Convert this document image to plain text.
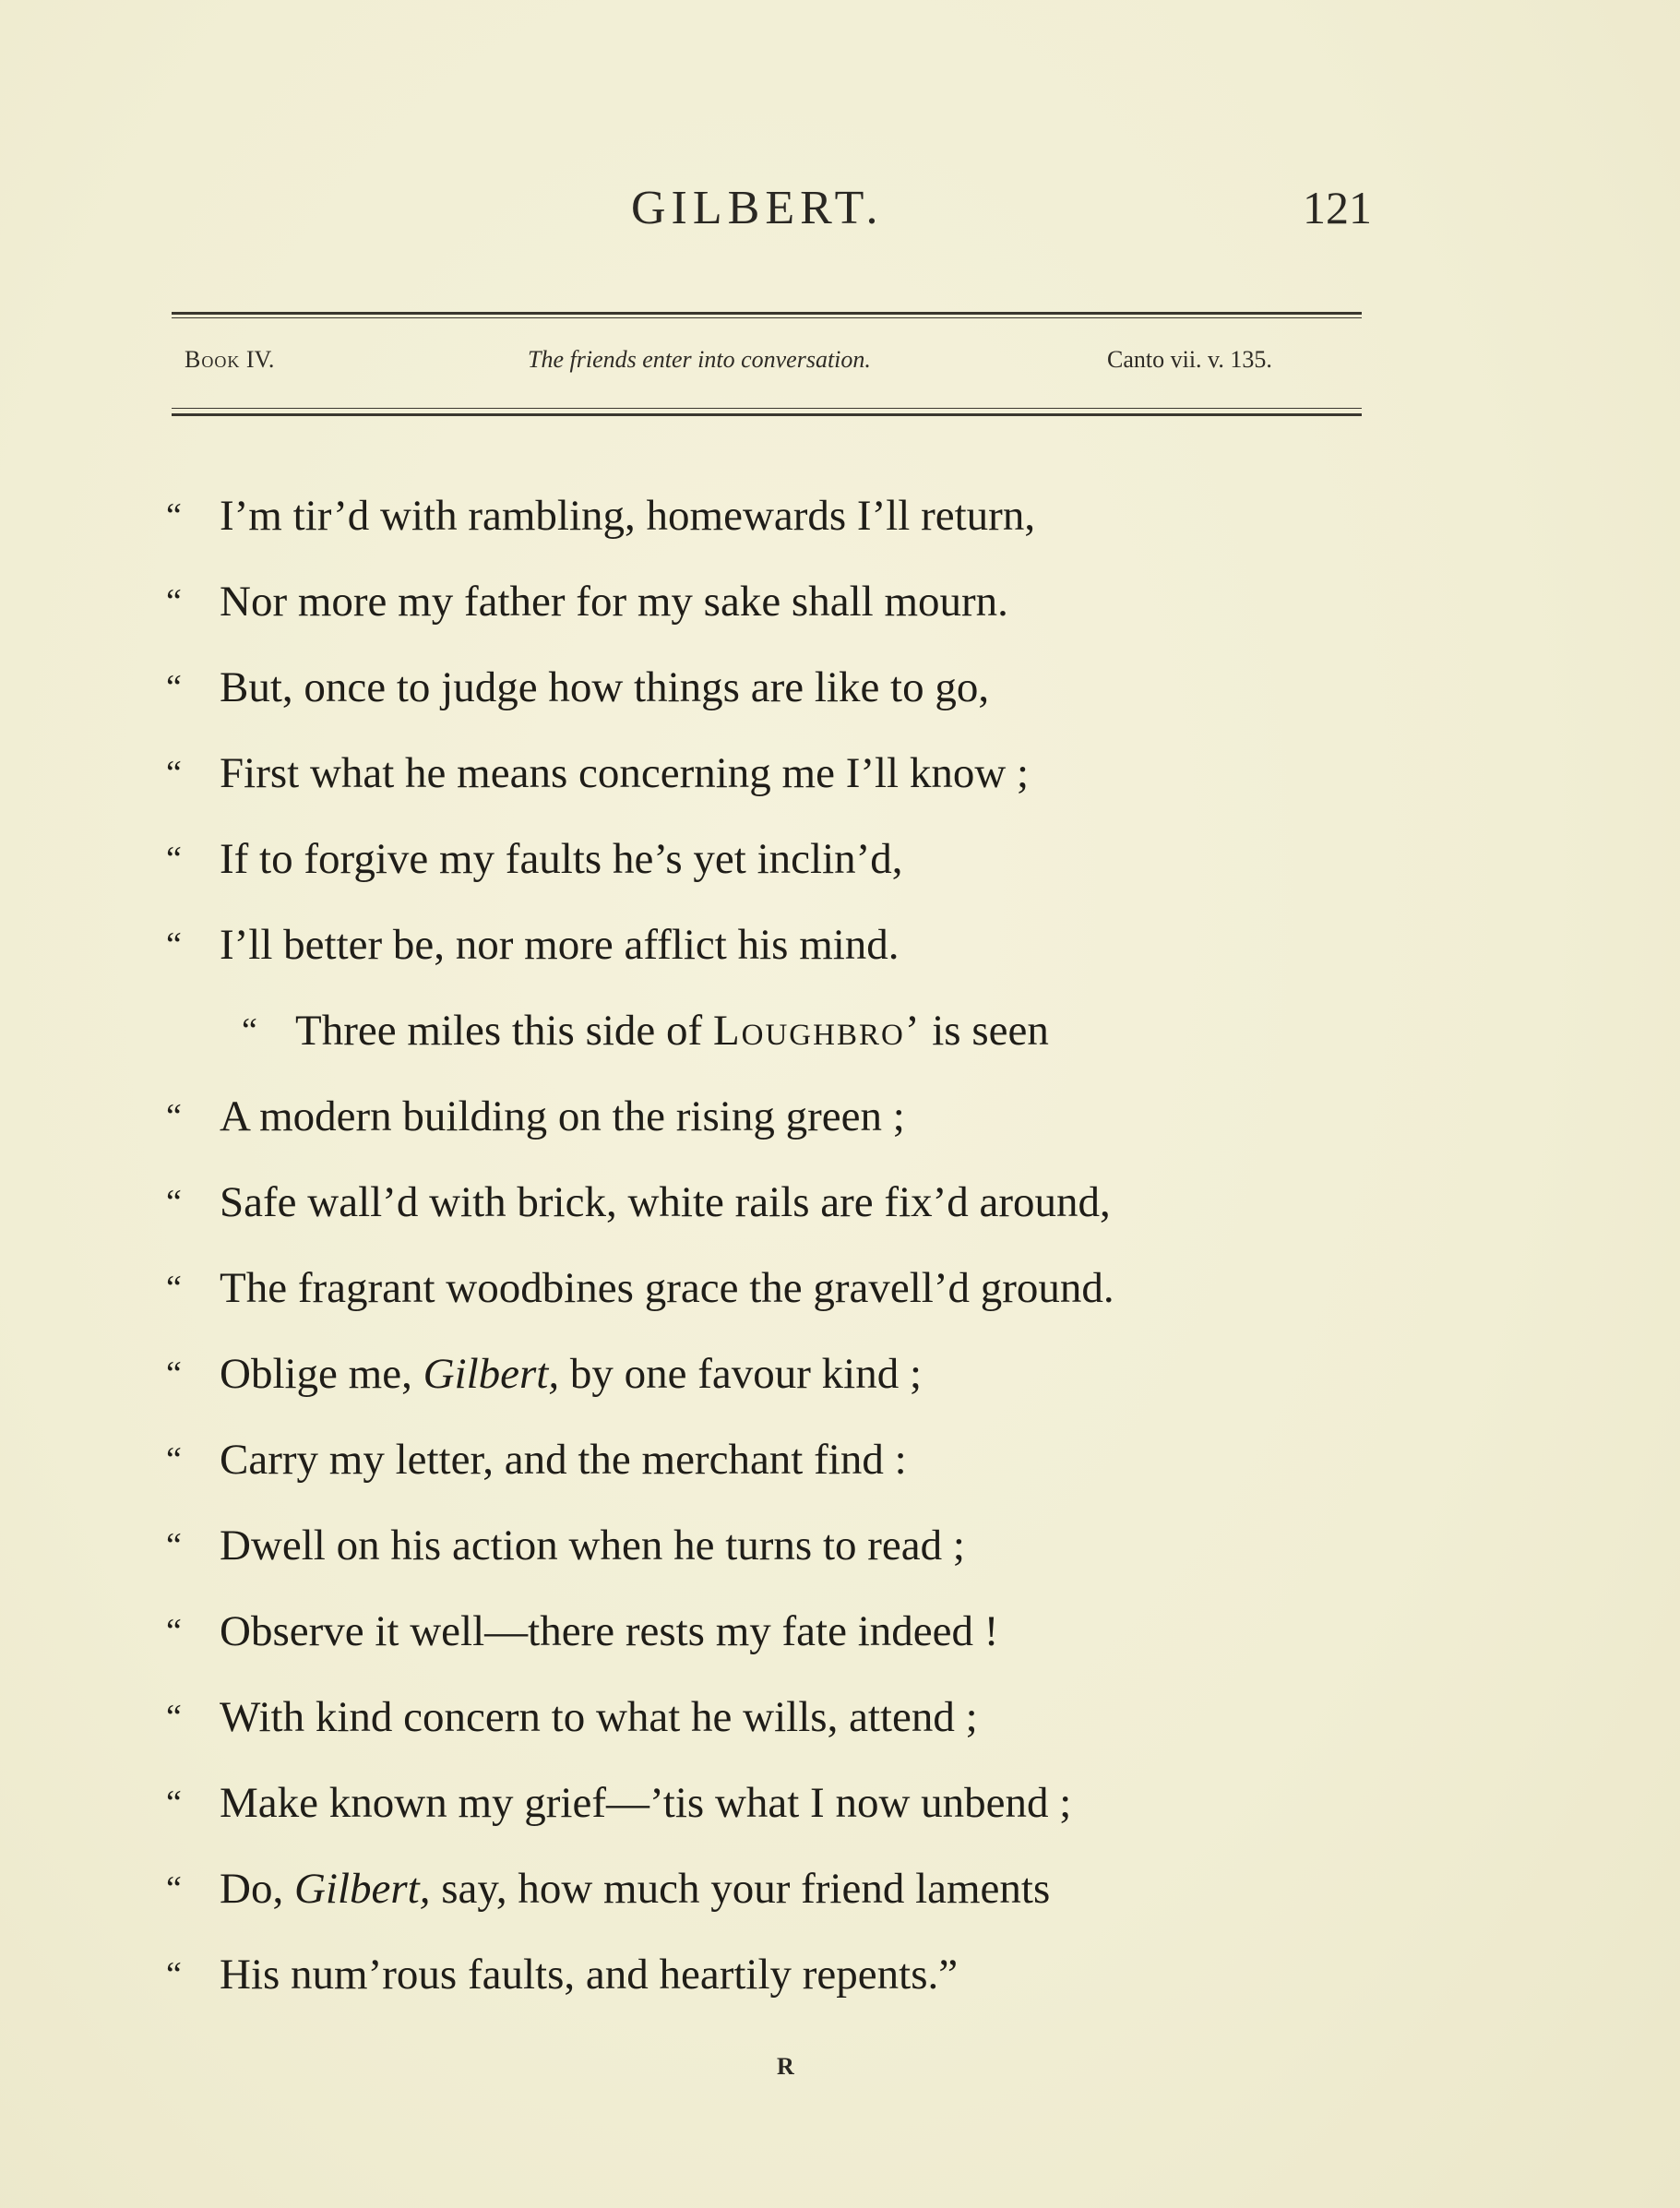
GILBERT.	121
Book IV.	The friends enter into conversation.	Canto vii. v. 135.
“ I’m tir’d with rambling, homewards I’ll return,
“ Nor more my father for my sake shall mourn.
“ But, once to judge how things are like to go,
“ First what he means concerning me I’ll know ;
“ If to forgive my faults he’s yet inclin’d,
“ I’ll better be, nor more afflict his mind.
“ Three miles this side of Loughbro’ is seen
“ A modern building on the rising green ;
“ Safe wall’d with brick, white rails are fix’d around,
“ The fragrant woodbines grace the gravell’d ground.
“ Oblige me, Gilbert, by one favour kind ;
“ Carry my letter, and the merchant find :
“ Dwell on his action when he turns to read ;
“ Observe it well—there rests my fate indeed !
“ With kind concern to what he wills, attend ;
“ Make known my grief—’tis what I now unbend ;
“ Do, Gilbert, say, how much your friend laments
“ His num’rous faults, and heartily repents.”
R
